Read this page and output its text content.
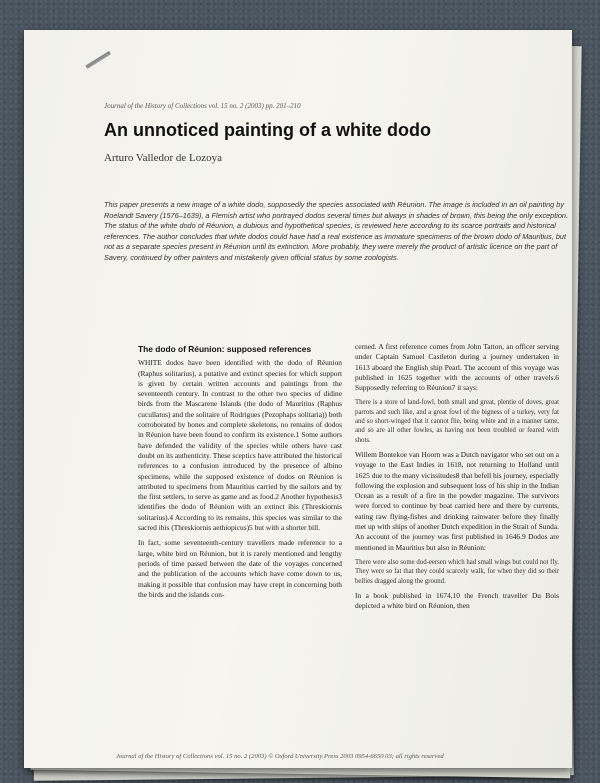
Journal of the History of Collections vol. 15 no. 2 (2003) pp. 201–210
An unnoticed painting of a white dodo
Arturo Valledor de Lozoya

This paper presents a new image of a white dodo, supposedly the species associated with Réunion. The image is included in an oil painting by Roelandt Savery (1576–1639), a Flemish artist who portrayed dodos several times but always in shades of brown, this being the only exception. The status of the white dodo of Réunion, a dubious and hypothetical species, is reviewed here according to its scarce portraits and historical references. The author concludes that white dodos could have had a real existence as immature specimens of the brown dodo of Mauritius, but not as a separate species present in Réunion until its extinction. More probably, they were merely the product of artistic licence on the part of Savery, continued by other painters and mistakenly given official status by some zoologists.

The dodo of Réunion: supposed references

WHITE dodos have been identified with the dodo of Réunion (Raphus solitarius), a putative and extinct species for which support is given by certain written accounts and paintings from the seventeenth century. In contrast to the other two species of didine birds from the Mascarene Islands (the dodo of Mauritius (Raphus cucullatus) and the solitaire of Rodrigues (Pezophaps solitaria)) both corroborated by bones and complete skeletons, no remains of dodos in Réunion have been found to confirm its existence.1 Some authors have defended the validity of the species while others have cast doubt on its authenticity. These sceptics have attributed the historical references to a confusion introduced by the presence of albino specimens, while the supposed existence of dodos on Réunion is attributed to specimens from Mauritius carried by the sailors and by the first settlers, to serve as game and as food.2 Another hypothesis3 identifies the dodo of Réunion with an extinct ibis (Threskiornis solitarius).4 According to its remains, this species was similar to the sacred ibis (Threskiornis aethiopicus)5 but with a shorter bill.

In fact, some seventeenth-century travellers made reference to a large, white bird on Réunion, but it is rarely mentioned and lengthy periods of time passed between the date of the voyages concerned and the publication of the accounts which have come down to us, making it possible that confusion may have crept in concerning both the birds and the islands con-

cerned. A first reference comes from John Tatton, an officer serving under Captain Samuel Castleton during a journey undertaken in 1613 aboard the English ship Pearl. The account of this voyage was published in 1625 together with the accounts of other travels.6 Supposedly referring to Réunion7 it says:

There is a store of land-fowl, both small and great, plentie of doves, great parrots and such like, and a great fowl of the bigness of a turkey, very fat and so short-winged that it cannot flie, being white and in a manner tame, and so are all other fowles, as having not been troubled or feared with shots.

Willem Bontekoe van Hoorn was a Dutch navigator who set out on a voyage to the East Indies in 1618, not returning to Holland until 1625 due to the many vicissitudes8 that befell his journey, especially following the explosion and subsequent loss of his ship in the Indian Ocean as a result of a fire in the powder magazine. The survivors were forced to continue by boat carried here and there by currents, eating raw flying-fishes and drinking rainwater before they finally met up with ships of another Dutch expedition in the Strait of Sunda. An account of the journey was first published in 1646.9 Dodos are mentioned in Mauritius but also in Réunion:

There were also some dod-eersen which had small wings but could not fly. They were so fat that they could scarcely walk, for when they did so their bellies dragged along the ground.

In a book published in 1674,10 the French traveller Du Bois depicted a white bird on Réunion, then

Journal of the History of Collections vol. 15 no. 2 (2003) © Oxford University Press 2003 0954-6650 03; all rights reserved
